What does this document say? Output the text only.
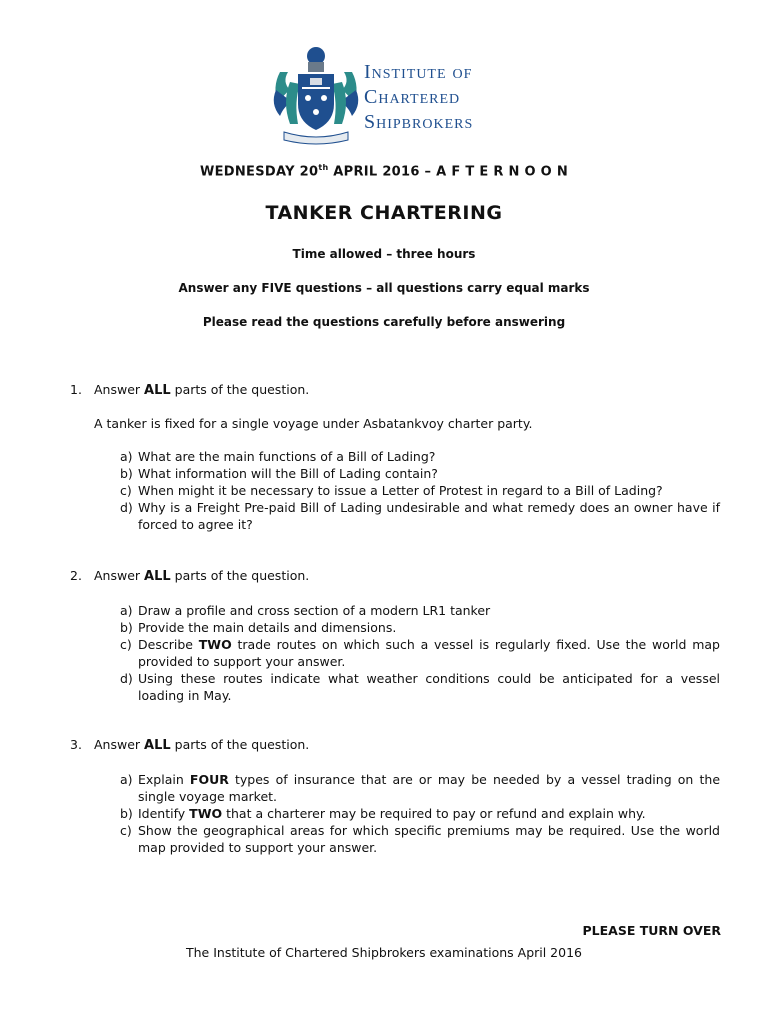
Institute of
Chartered
Shipbrokers
WEDNESDAY 20th APRIL 2016 – A F T E R N O O N
TANKER CHARTERING
Time allowed – three hours
Answer any FIVE questions – all questions carry equal marks
Please read the questions carefully before answering
1. Answer ALL parts of the question.
A tanker is fixed for a single voyage under Asbatankvoy charter party.
a) What are the main functions of a Bill of Lading?
b) What information will the Bill of Lading contain?
c) When might it be necessary to issue a Letter of Protest in regard to a Bill of Lading?
d) Why is a Freight Pre-paid Bill of Lading undesirable and what remedy does an owner have if forced to agree it?
2. Answer ALL parts of the question.
a) Draw a profile and cross section of a modern LR1 tanker
b) Provide the main details and dimensions.
c) Describe TWO trade routes on which such a vessel is regularly fixed. Use the world map provided to support your answer.
d) Using these routes indicate what weather conditions could be anticipated for a vessel loading in May.
3. Answer ALL parts of the question.
a) Explain FOUR types of insurance that are or may be needed by a vessel trading on the single voyage market.
b) Identify TWO that a charterer may be required to pay or refund and explain why.
c) Show the geographical areas for which specific premiums may be required. Use the world map provided to support your answer.
PLEASE TURN OVER
The Institute of Chartered Shipbrokers examinations April 2016
